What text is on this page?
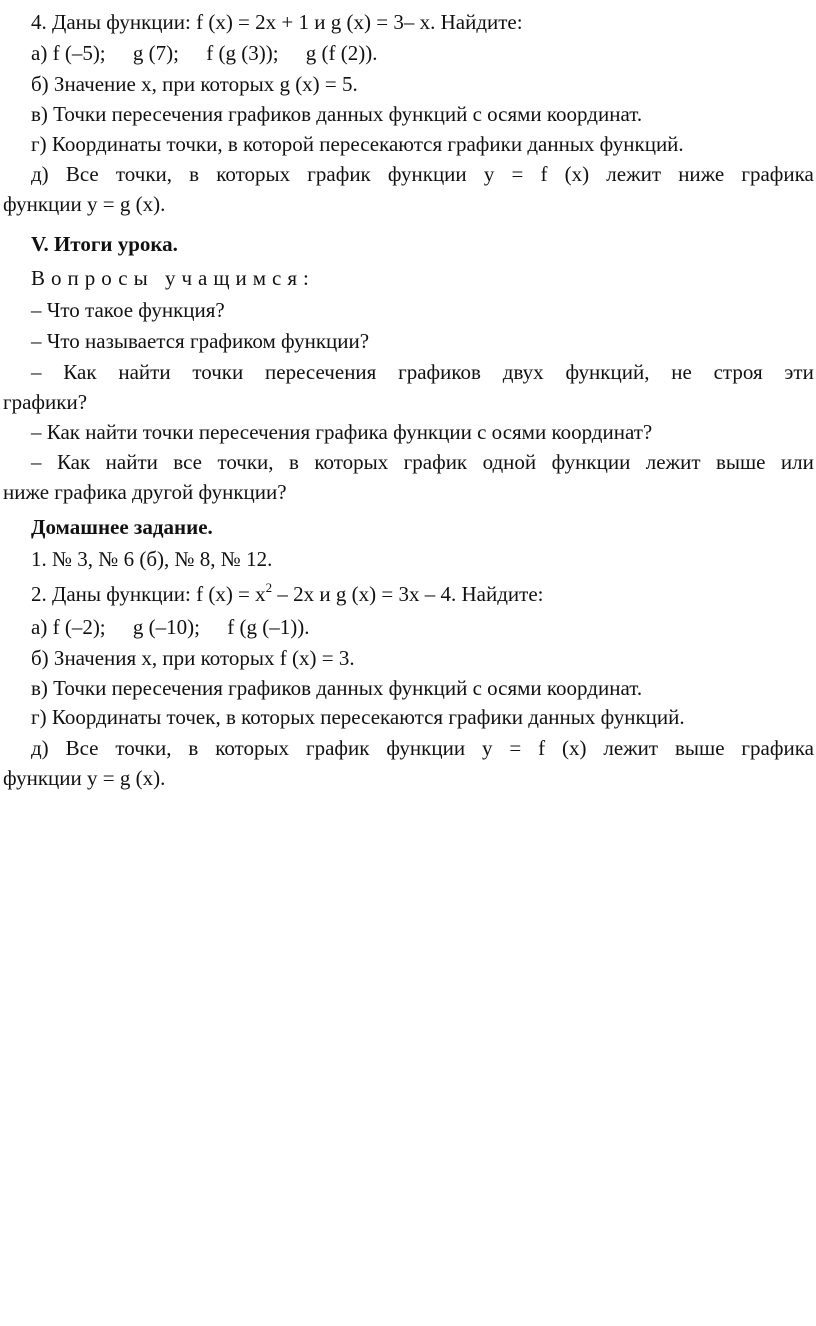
4. Даны функции: f (x) = 2x + 1 и g (x) = 3– x. Найдите:
а) f (–5); g (7); f (g (3)); g (f (2)).
б) Значение x, при которых g (x) = 5.
в) Точки пересечения графиков данных функций с осями координат.
г) Координаты точки, в которой пересекаются графики данных функций.
д) Все точки, в которых график функции y = f (x) лежит ниже графика
функции y = g (x).
V. Итоги урока.
Вопросы учащимся:
– Что такое функция?
– Что называется графиком функции?
– Как найти точки пересечения графиков двух функций, не строя эти
графики?
– Как найти точки пересечения графика функции с осями координат?
– Как найти все точки, в которых график одной функции лежит выше или
ниже графика другой функции?
Домашнее задание.
1. № 3, № 6 (б), № 8, № 12.
2. Даны функции: f $(x) = x^2 - 2x$ и g (x) = 3x – 4. Найдите:
а) f (–2); g (–10); f (g (–1)).
б) Значения x, при которых f (x) = 3.
в) Точки пересечения графиков данных функций с осями координат.
г) Координаты точек, в которых пересекаются графики данных функций.
д) Все точки, в которых график функции y = f (x) лежит выше графика
функции y = g (x).
